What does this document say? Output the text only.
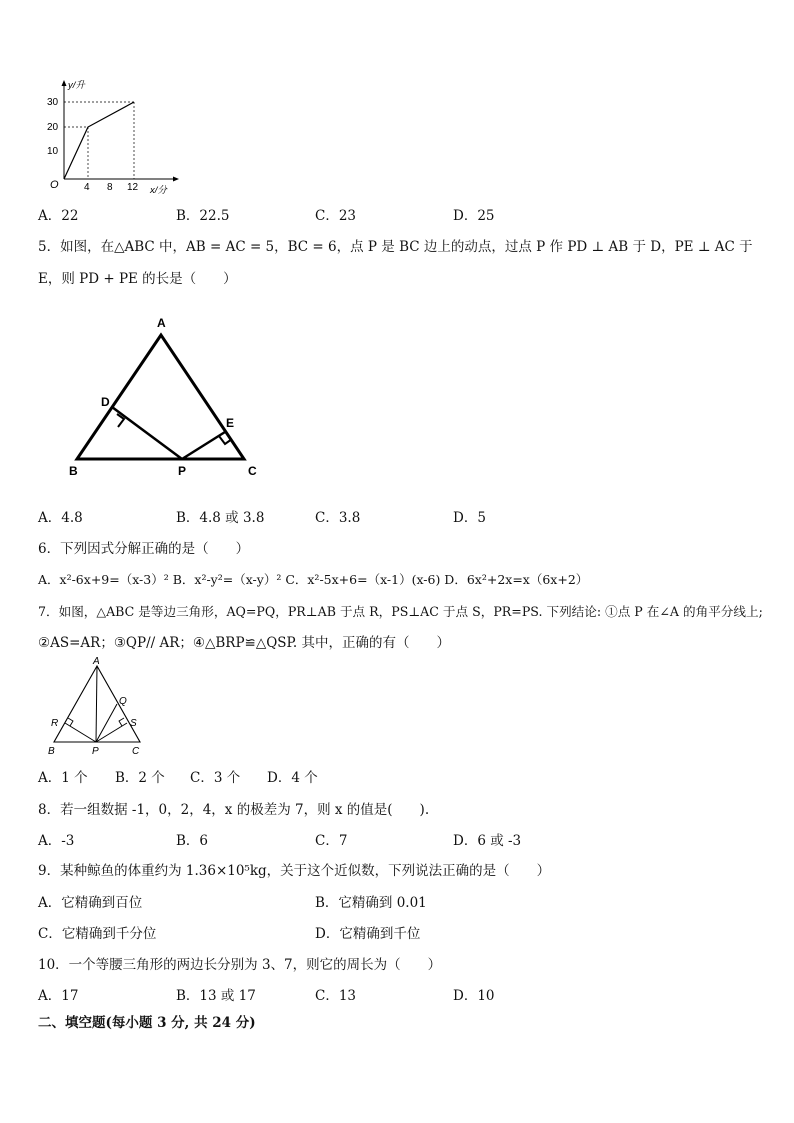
y/升
30
20
10
O	4 8 12 x/分
A．22	B．22.5	C．23	D．25
5．如图，在△ABC 中，AB = AC = 5，BC = 6，点 P 是 BC 边上的动点，过点 P 作 PD ⊥ AB 于 D，PE ⊥ AC 于
E，则 PD + PE 的长是（　　）
A
D
E
B	P	C
A．4.8	B．4.8 或 3.8	C．3.8	D．5
6．下列因式分解正确的是（　　）
A．x²-6x+9=（x-3）² B．x²-y²=（x-y）² C．x²-5x+6=（x-1）(x-6) D．6x²+2x=x（6x+2）
7．如图，△ABC 是等边三角形，AQ=PQ，PR⊥AB 于点 R，PS⊥AC 于点 S，PR=PS. 下列结论: ①点 P 在∠A 的角平分线上;
②AS=AR；③QP// AR；④△BRP≌△QSP. 其中，正确的有（　　）
A
Q
R	S
B	P	C
A．1 个 B．2 个 C．3 个 D．4 个
8．若一组数据 -1，0，2，4，x 的极差为 7，则 x 的值是(　　).
A．-3	B．6	C．7	D．6 或 -3
9．某种鲸鱼的体重约为 1.36×10⁵kg，关于这个近似数，下列说法正确的是（　　）
A．它精确到百位	B．它精确到 0.01
C．它精确到千分位	D．它精确到千位
10．一个等腰三角形的两边长分别为 3、7，则它的周长为（　　）
A．17	B．13 或 17	C．13	D．10
二、填空题(每小题 3 分, 共 24 分)
